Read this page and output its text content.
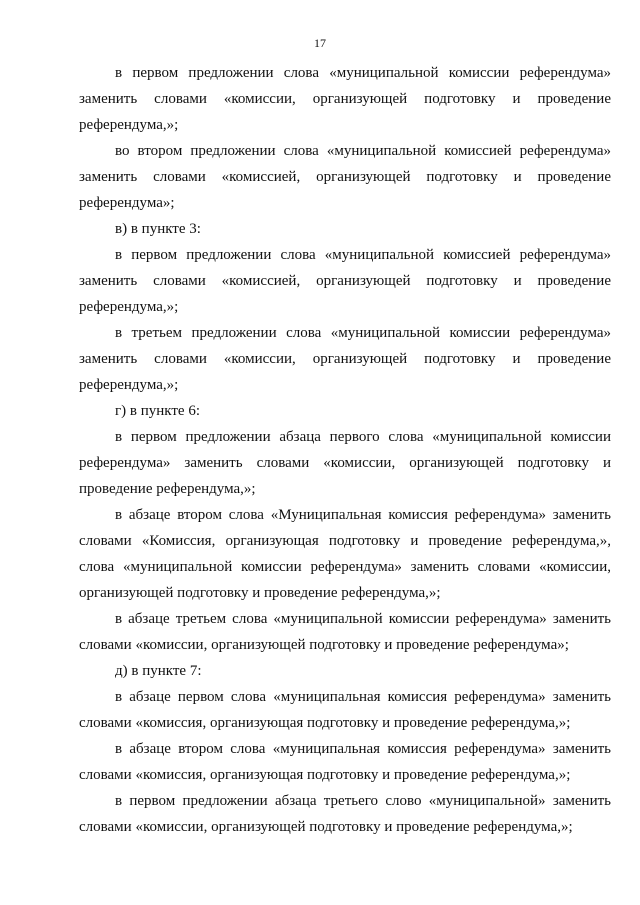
17

в первом предложении слова «муниципальной комиссии референдума» заменить словами «комиссии, организующей подготовку и проведение референдума,»;

во втором предложении слова «муниципальной комиссией референдума» заменить словами «комиссией, организующей подготовку и проведение референдума»;

в) в пункте 3:

в первом предложении слова «муниципальной комиссией референдума» заменить словами «комиссией, организующей подготовку и проведение референдума,»;

в третьем предложении слова «муниципальной комиссии референдума» заменить словами «комиссии, организующей подготовку и проведение референдума,»;

г) в пункте 6:

в первом предложении абзаца первого слова «муниципальной комиссии референдума» заменить словами «комиссии, организующей подготовку и проведение референдума,»;

в абзаце втором слова «Муниципальная комиссия референдума» заменить словами «Комиссия, организующая подготовку и проведение референдума,», слова «муниципальной комиссии референдума» заменить словами «комиссии, организующей подготовку и проведение референдума,»;

в абзаце третьем слова «муниципальной комиссии референдума» заменить словами «комиссии, организующей подготовку и проведение референдума»;

д) в пункте 7:

в абзаце первом слова «муниципальная комиссия референдума» заменить словами «комиссия, организующая подготовку и проведение референдума,»;

в абзаце втором слова «муниципальная комиссия референдума» заменить словами «комиссия, организующая подготовку и проведение референдума,»;

в первом предложении абзаца третьего слово «муниципальной» заменить словами «комиссии, организующей подготовку и проведение референдума,»;
